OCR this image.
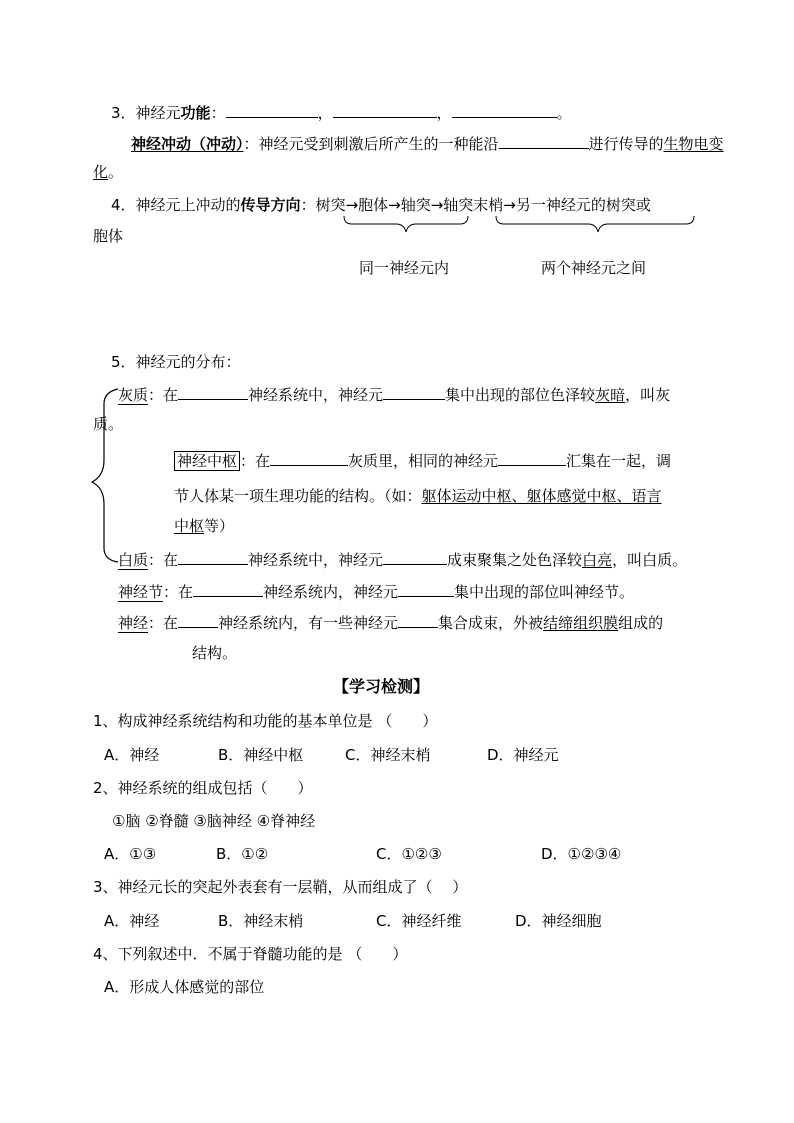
3．神经元功能：	，	，	。
神经冲动（冲动）：神经元受到刺激后所产生的一种能沿	进行传导的生物电变
化。
4．神经元上冲动的传导方向：树突→胞体→轴突→轴突末梢→另一神经元的树突或
胞体
同一神经元内	两个神经元之间
5．神经元的分布：
灰质：在	神经系统中，神经元	集中出现的部位色泽较灰暗，叫灰
质。
神经中枢 ：在	灰质里，相同的神经元	汇集在一起，调
节人体某一项生理功能的结构。（如：躯体运动中枢、躯体感觉中枢、语言
中枢等）
白质：在	神经系统中，神经元	成束聚集之处色泽较白亮，叫白质。
神经节：在	神经系统内，神经元	集中出现的部位叫神经节。
神经：在	神经系统内，有一些神经元	集合成束，外被结缔组织膜组成的
结构。
【学习检测】
1、构成神经系统结构和功能的基本单位是 （　　）
A．神经	B．神经中枢	C．神经末梢	D．神经元
2、神经系统的组成包括（　　）
①脑 ②脊髓 ③脑神经 ④脊神经
A．①③	B．①②	C．①②③	D．①②③④
3、神经元长的突起外表套有一层鞘，从而组成了（　 ）
A．神经	B．神经末梢	C．神经纤维	D．神经细胞
4、下列叙述中．不属于脊髓功能的是 （　　）
A．形成人体感觉的部位
